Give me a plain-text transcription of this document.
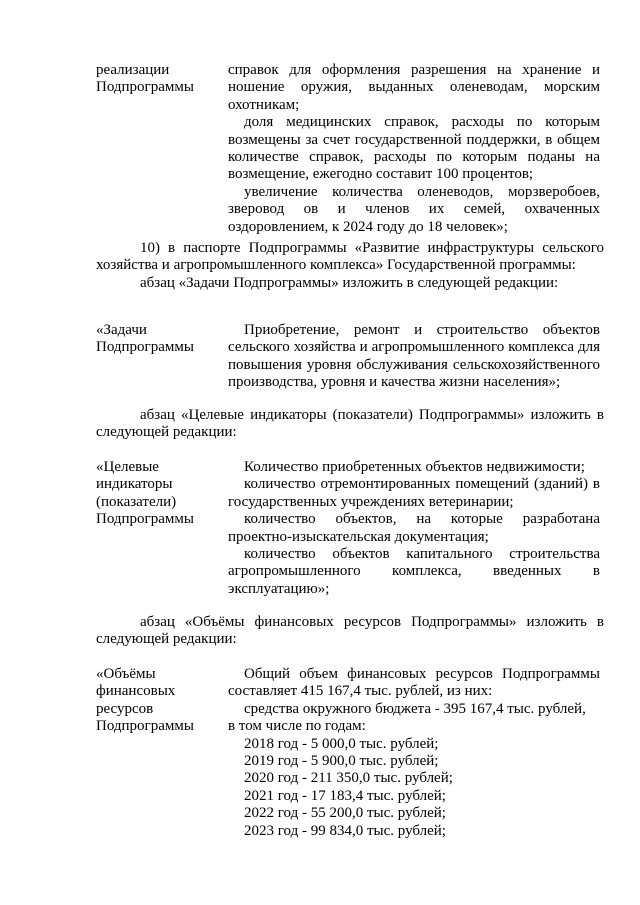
реализации
Подпрограммы
справок для оформления разрешения на хранение и
ношение оружия, выданных оленеводам, морским
охотникам;
доля медицинских справок, расходы по которым
возмещены за счет государственной поддержки, в общем
количестве справок, расходы по которым поданы на
возмещение, ежегодно составит 100 процентов;
увеличение количества оленеводов, морзверобоев,
зверовод ов и членов их семей, охваченных
оздоровлением, к 2024 году до 18 человек»;
10) в паспорте Подпрограммы «Развитие инфраструктуры сельского
хозяйства и агропромышленного комплекса» Государственной программы:
абзац «Задачи Подпрограммы» изложить в следующей редакции:
«Задачи
Подпрограммы
Приобретение, ремонт и строительство объектов
сельского хозяйства и агропромышленного комплекса для
повышения уровня обслуживания сельскохозяйственного
производства, уровня и качества жизни населения»;
абзац «Целевые индикаторы (показатели) Подпрограммы» изложить в
следующей редакции:
«Целевые
индикаторы
(показатели)
Подпрограммы
Количество приобретенных объектов недвижимости;
количество отремонтированных помещений (зданий) в
государственных учреждениях ветеринарии;
количество объектов, на которые разработана
проектно-изыскательская документация;
количество объектов капитального строительства
агропромышленного комплекса, введенных в
эксплуатацию»;
абзац «Объёмы финансовых ресурсов Подпрограммы» изложить в
следующей редакции:
«Объёмы
финансовых
ресурсов
Подпрограммы
Общий объем финансовых ресурсов Подпрограммы
составляет 415 167,4 тыс. рублей, из них:
средства окружного бюджета - 395 167,4 тыс. рублей,
в том числе по годам:
2018 год - 5 000,0 тыс. рублей;
2019 год - 5 900,0 тыс. рублей;
2020 год - 211 350,0 тыс. рублей;
2021 год - 17 183,4 тыс. рублей;
2022 год - 55 200,0 тыс. рублей;
2023 год - 99 834,0 тыс. рублей;
